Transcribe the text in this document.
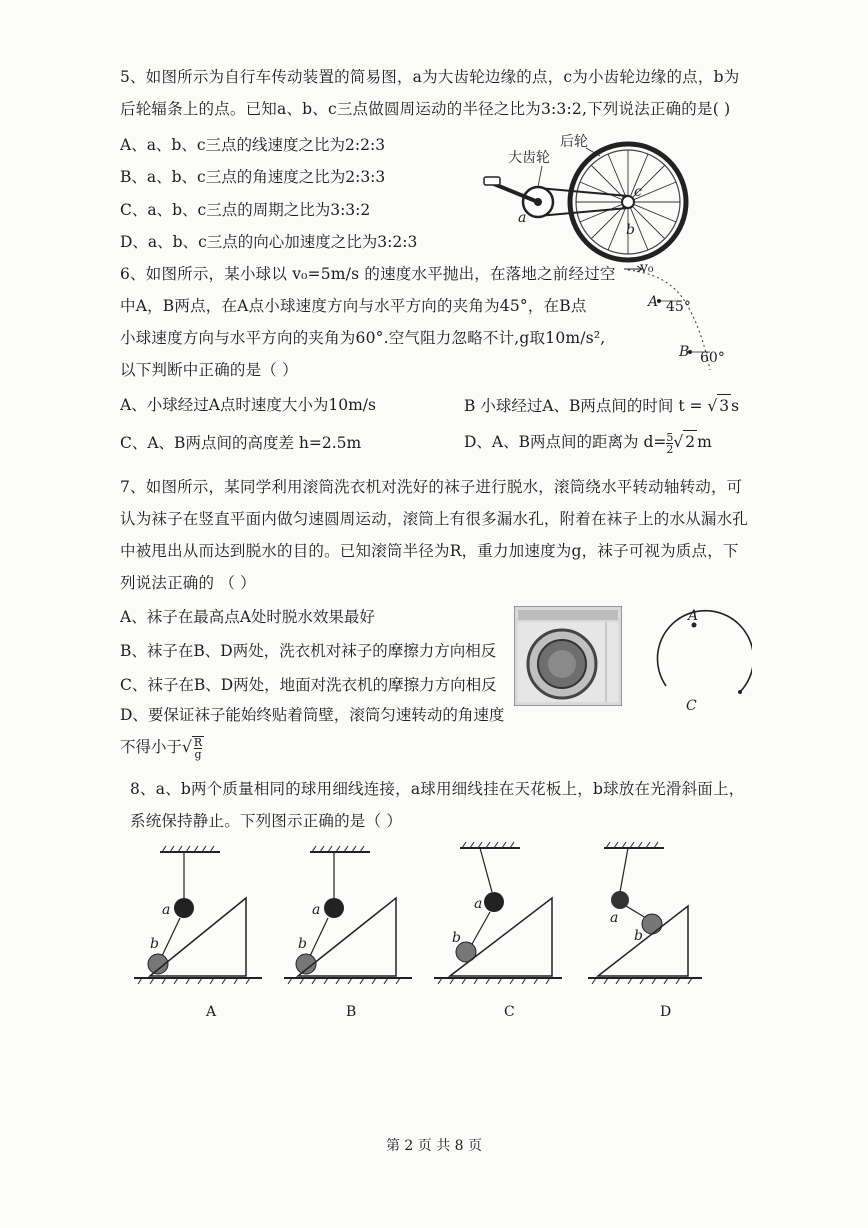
5、如图所示为自行车传动装置的简易图，a为大齿轮边缘的点，c为小齿轮边缘的点，b为
后轮辐条上的点。已知a、b、c三点做圆周运动的半径之比为3:3:2,下列说法正确的是( )
A、a、b、c三点的线速度之比为2:2:3
B、a、b、c三点的角速度之比为2:3:3
C、a、b、c三点的周期之比为3:3:2
D、a、b、c三点的向心加速度之比为3:2:3
大齿轮
后轮
a
b
c
6、如图所示，某小球以 v₀=5m/s 的速度水平抛出，在落地之前经过空
中A，B两点，在A点小球速度方向与水平方向的夹角为45°，在B点
小球速度方向与水平方向的夹角为60°.空气阻力忽略不计,g取10m/s²,
以下判断中正确的是（ ）
v₀
A 45°
B 60°
A、小球经过A点时速度大小为10m/s	B 小球经过A、B两点间的时间 t = √ 3 s
C、A、B两点间的高度差 h=2.5m	D、A、B两点间的距离为 $d= \frac{5}{2}$ √ 2 m
7、如图所示，某同学利用滚筒洗衣机对洗好的袜子进行脱水，滚筒绕水平转动轴转动，可
认为袜子在竖直平面内做匀速圆周运动，滚筒上有很多漏水孔，附着在袜子上的水从漏水孔
中被甩出从而达到脱水的目的。已知滚筒半径为R，重力加速度为g，袜子可视为质点，下
列说法正确的 （ ）
A、袜子在最高点A处时脱水效果最好
B、袜子在B、D两处，洗衣机对袜子的摩擦力方向相反
C、袜子在B、D两处，地面对洗衣机的摩擦力方向相反
D、要保证袜子能始终贴着筒壁，滚筒匀速转动的角速度
不得小于√ $\frac{R}{g}$
A
C
8、a、b两个质量相同的球用细线连接，a球用细线挂在天花板上，b球放在光滑斜面上，
系统保持静止。下列图示正确的是（ ）
a
b
A
a
b
B
a
b
C
a
b
D
第 2 页 共 8 页
